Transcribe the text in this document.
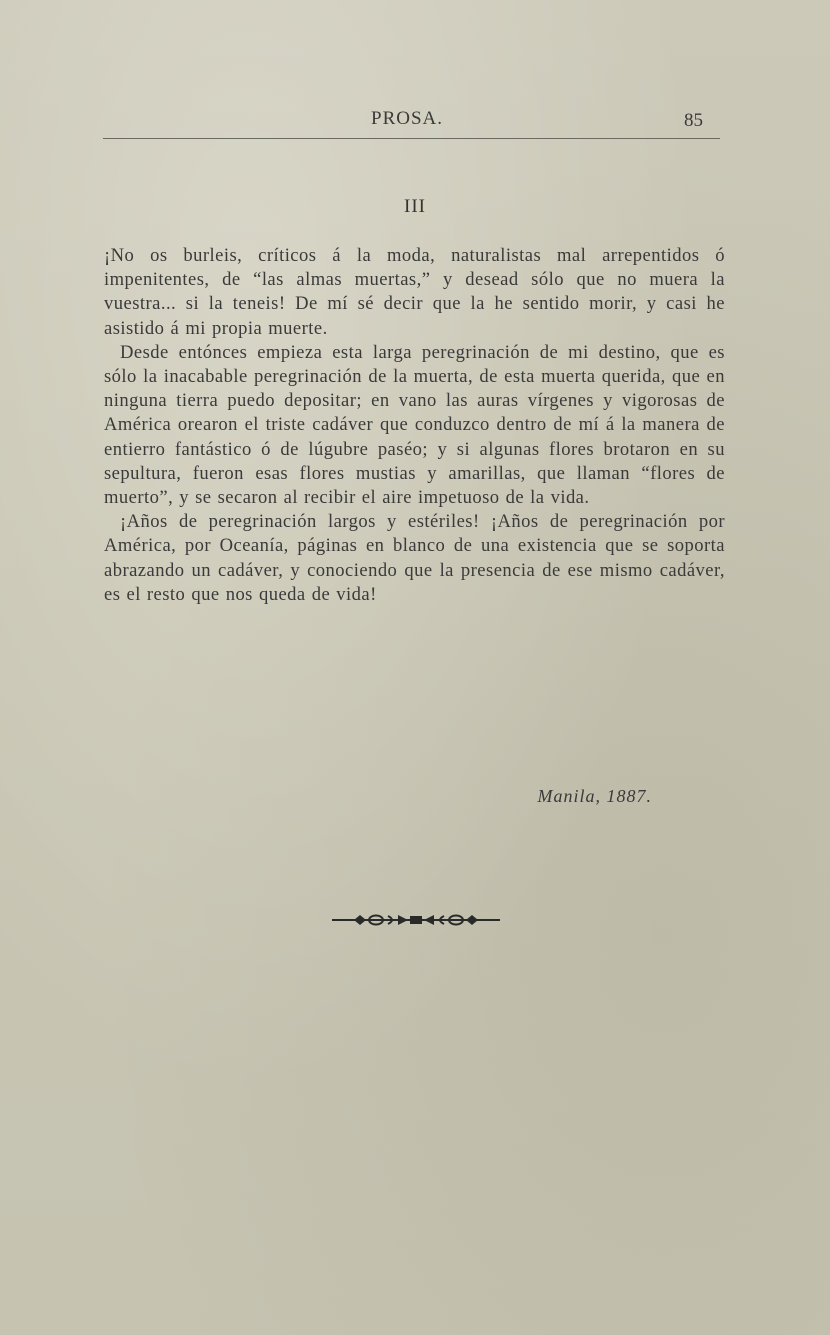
PROSA.	85
III

¡No os burleis, críticos á la moda, naturalistas mal arrepentidos ó impenitentes, de “las almas muertas,” y desead sólo que no muera la vuestra... si la teneis! De mí sé decir que la he sentido morir, y casi he asistido á mi propia muerte.

Desde entónces empieza esta larga peregrinación de mi destino, que es sólo la inacabable peregrinación de la muerta, de esta muerta querida, que en ninguna tierra puedo depositar; en vano las auras vírgenes y vigorosas de América orearon el triste cadáver que conduzco dentro de mí á la manera de entierro fantástico ó de lúgubre paséo; y si algunas flores brotaron en su sepultura, fueron esas flores mustias y amarillas, que llaman “flores de muerto”, y se secaron al recibir el aire impetuoso de la vida.

¡Años de peregrinación largos y estériles! ¡Años de peregrinación por América, por Oceanía, páginas en blanco de una existencia que se soporta abrazando un cadáver, y conociendo que la presencia de ese mismo cadáver, es el resto que nos queda de vida!

Manila, 1887.
